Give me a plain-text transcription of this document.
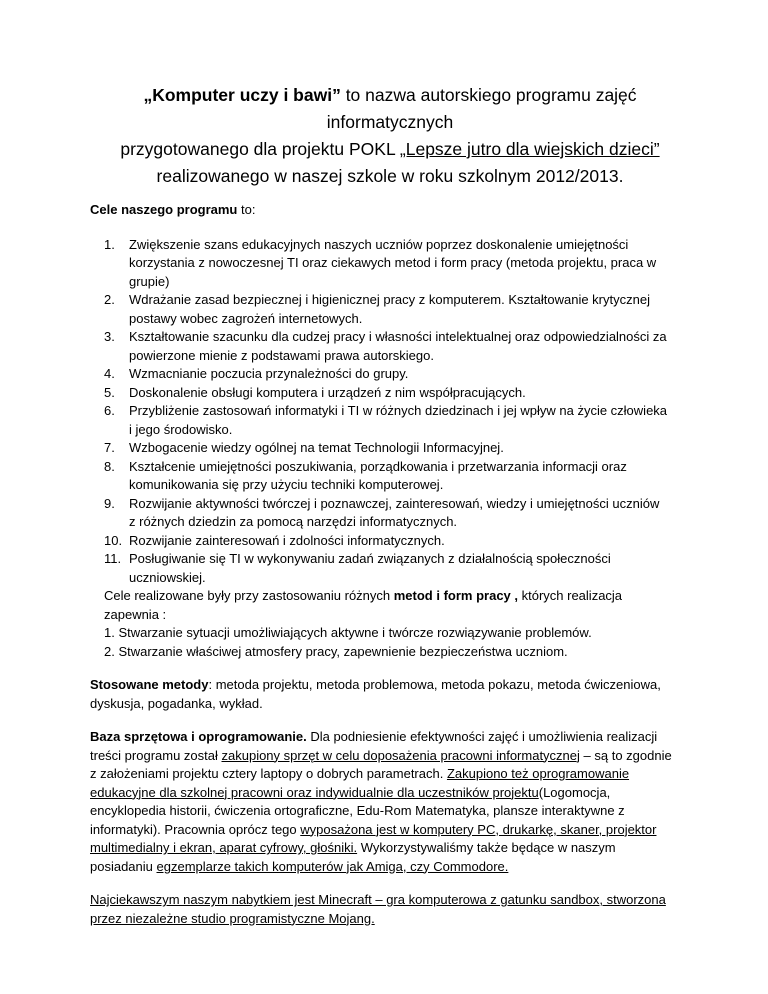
„Komputer uczy i bawi” to nazwa autorskiego programu zajęć informatycznych
przygotowanego dla projektu POKL „Lepsze jutro dla wiejskich dzieci”
realizowanego w naszej szkole w roku szkolnym 2012/2013.

Cele naszego programu to:

1.	Zwiększenie szans edukacyjnych naszych uczniów poprzez doskonalenie umiejętności
korzystania z nowoczesnej TI oraz ciekawych metod i form pracy (metoda projektu, praca w
grupie)
2.	Wdrażanie zasad bezpiecznej i higienicznej pracy z komputerem. Kształtowanie krytycznej
postawy wobec zagrożeń internetowych.
3.	Kształtowanie szacunku dla cudzej pracy i własności intelektualnej oraz odpowiedzialności za
powierzone mienie z podstawami prawa autorskiego.
4.	Wzmacnianie poczucia przynależności do grupy.
5.	Doskonalenie obsługi komputera i urządzeń z nim współpracujących.
6.	Przybliżenie zastosowań informatyki i TI w różnych dziedzinach i jej wpływ na życie człowieka
i jego środowisko.
7.	Wzbogacenie wiedzy ogólnej na temat Technologii Informacyjnej.
8.	Kształcenie umiejętności poszukiwania, porządkowania i przetwarzania informacji oraz
komunikowania się przy użyciu techniki komputerowej.
9.	Rozwijanie aktywności twórczej i poznawczej, zainteresowań, wiedzy i umiejętności uczniów
z różnych dziedzin za pomocą narzędzi informatycznych.
10. Rozwijanie zainteresowań i zdolności informatycznych.
11. Posługiwanie się TI w wykonywaniu zadań związanych z działalnością społeczności
uczniowskiej.

Cele realizowane były przy zastosowaniu różnych metod i form pracy , których realizacja
zapewnia :
1. Stwarzanie sytuacji umożliwiających aktywne i twórcze rozwiązywanie problemów.
2. Stwarzanie właściwej atmosfery pracy, zapewnienie bezpieczeństwa uczniom.

Stosowane metody: metoda projektu, metoda problemowa, metoda pokazu, metoda ćwiczeniowa,
dyskusja, pogadanka, wykład.

Baza sprzętowa i oprogramowanie. Dla podniesienie efektywności zajęć i umożliwienia realizacji
treści programu został zakupiony sprzęt w celu doposażenia pracowni informatycznej – są to zgodnie
z założeniami projektu cztery laptopy o dobrych parametrach. Zakupiono też oprogramowanie
edukacyjne dla szkolnej pracowni oraz indywidualnie dla uczestników projektu(Logomocja,
encyklopedia historii, ćwiczenia ortograficzne, Edu-Rom Matematyka, plansze interaktywne z
informatyki). Pracownia oprócz tego wyposażona jest w komputery PC, drukarkę, skaner, projektor
multimedialny i ekran, aparat cyfrowy, głośniki. Wykorzystywaliśmy także będące w naszym
posiadaniu egzemplarze takich komputerów jak Amiga, czy Commodore.

Najciekawszym naszym nabytkiem jest Minecraft – gra komputerowa z gatunku sandbox, stworzona
przez niezależne studio programistyczne Mojang.
